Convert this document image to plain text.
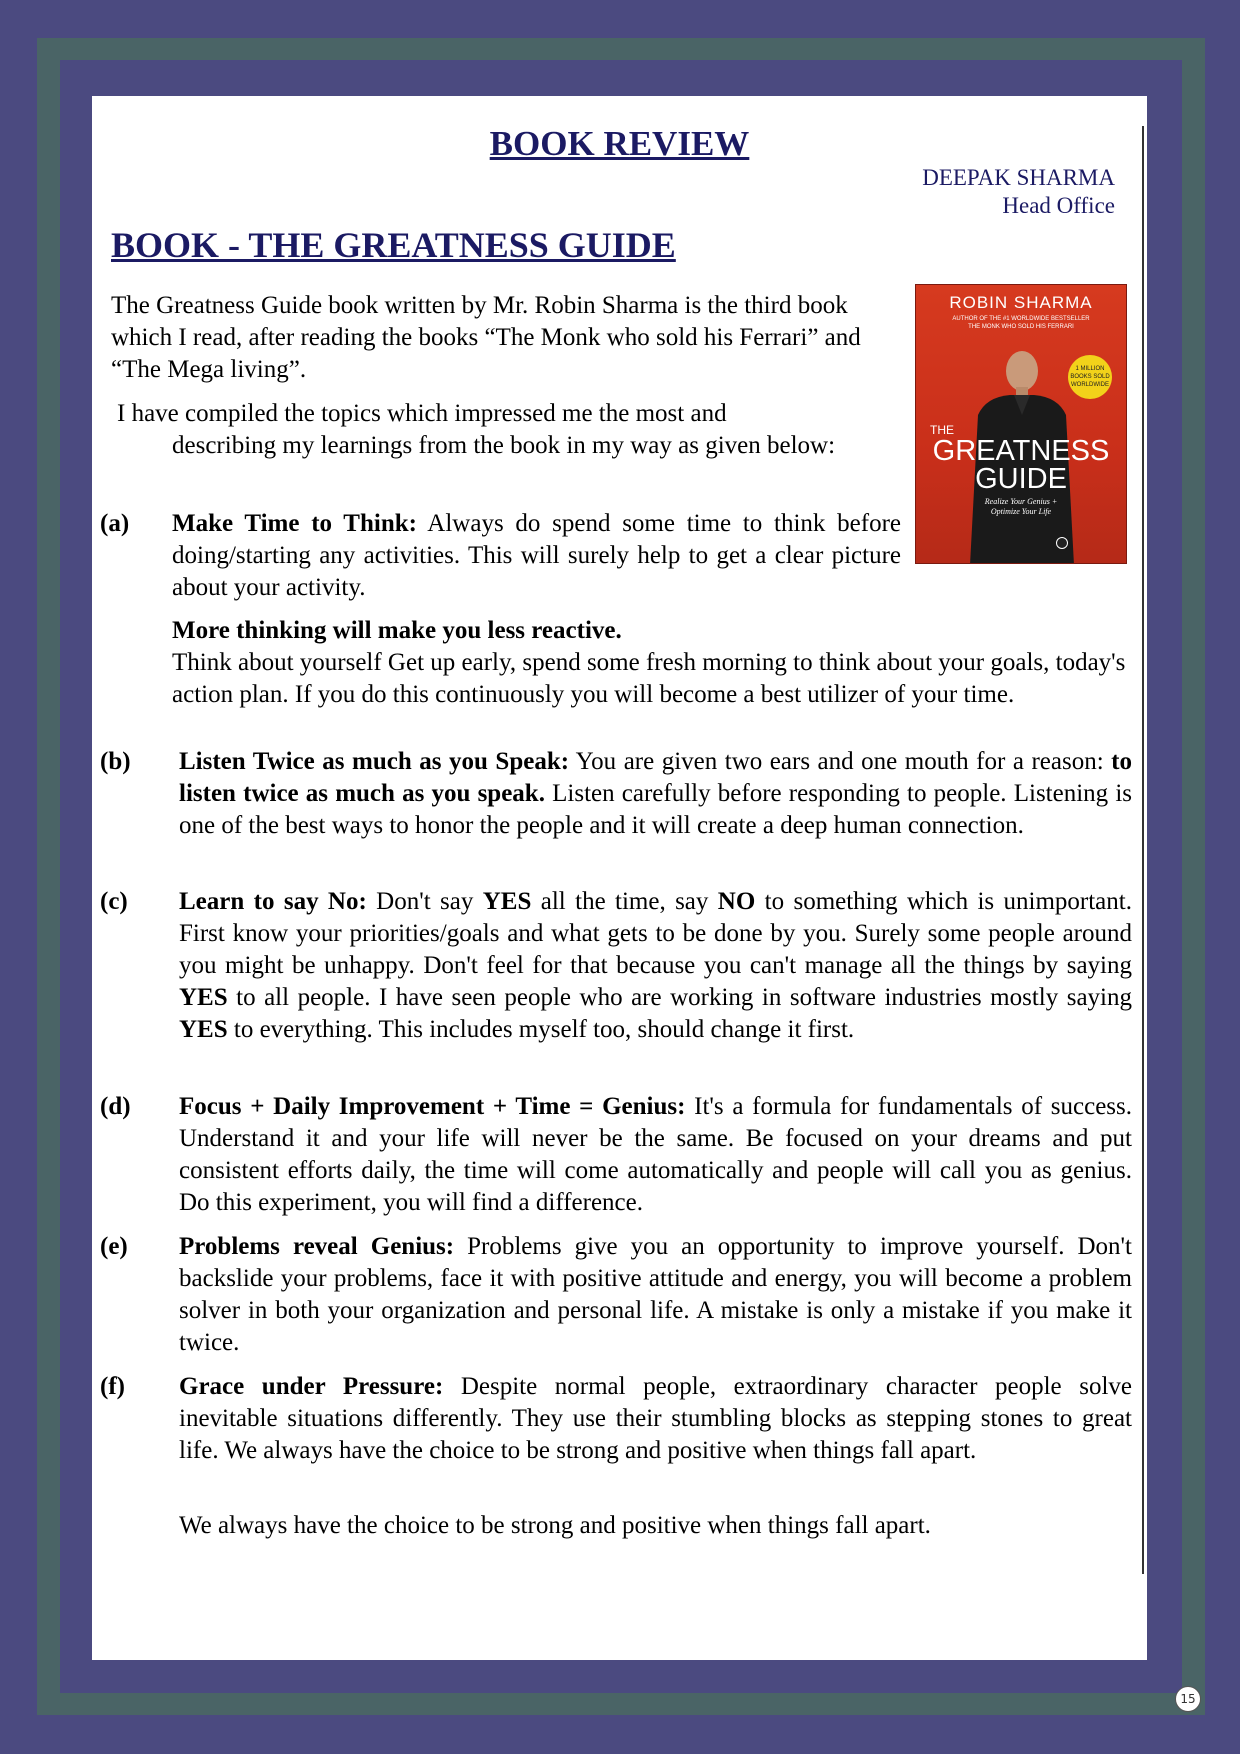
BOOK REVIEW
DEEPAK SHARMA
Head Office
BOOK - THE GREATNESS GUIDE
ROBIN SHARMA
AUTHOR OF THE #1 WORLDWIDE BESTSELLER
THE MONK WHO SOLD HIS FERRARI
1 MILLION BOOKS SOLD WORLDWIDE
THE
GREATNESS
GUIDE
Realize Your Genius +
Optimize Your Life

The Greatness Guide book written by Mr. Robin Sharma is the third book which I read, after reading the books “The Monk who sold his Ferrari” and “The Mega living”.

I have compiled the topics which impressed me the most and

describing my learnings from the book in my way as given below:

(a) Make Time to Think: Always do spend some time to think before doing/starting any activities. This will surely help to get a clear picture about your activity.

More thinking will make you less reactive.
Think about yourself Get up early, spend some fresh morning to think about your goals, today's action plan. If you do this continuously you will become a best utilizer of your time.

(b) Listen Twice as much as you Speak: You are given two ears and one mouth for a reason: to listen twice as much as you speak. Listen carefully before responding to people. Listening is one of the best ways to honor the people and it will create a deep human connection.

(c) Learn to say No: Don't say YES all the time, say NO to something which is unimportant. First know your priorities/goals and what gets to be done by you. Surely some people around you might be unhappy. Don't feel for that because you can't manage all the things by saying YES to all people. I have seen people who are working in software industries mostly saying YES to everything. This includes myself too, should change it first.

(d) Focus + Daily Improvement + Time = Genius: It's a formula for fundamentals of success. Understand it and your life will never be the same. Be focused on your dreams and put consistent efforts daily, the time will come automatically and people will call you as genius. Do this experiment, you will find a difference.

(e) Problems reveal Genius: Problems give you an opportunity to improve yourself. Don't backslide your problems, face it with positive attitude and energy, you will become a problem solver in both your organization and personal life. A mistake is only a mistake if you make it twice.

(f) Grace under Pressure: Despite normal people, extraordinary character people solve inevitable situations differently. They use their stumbling blocks as stepping stones to great life. We always have the choice to be strong and positive when things fall apart.

We always have the choice to be strong and positive when things fall apart.

15
